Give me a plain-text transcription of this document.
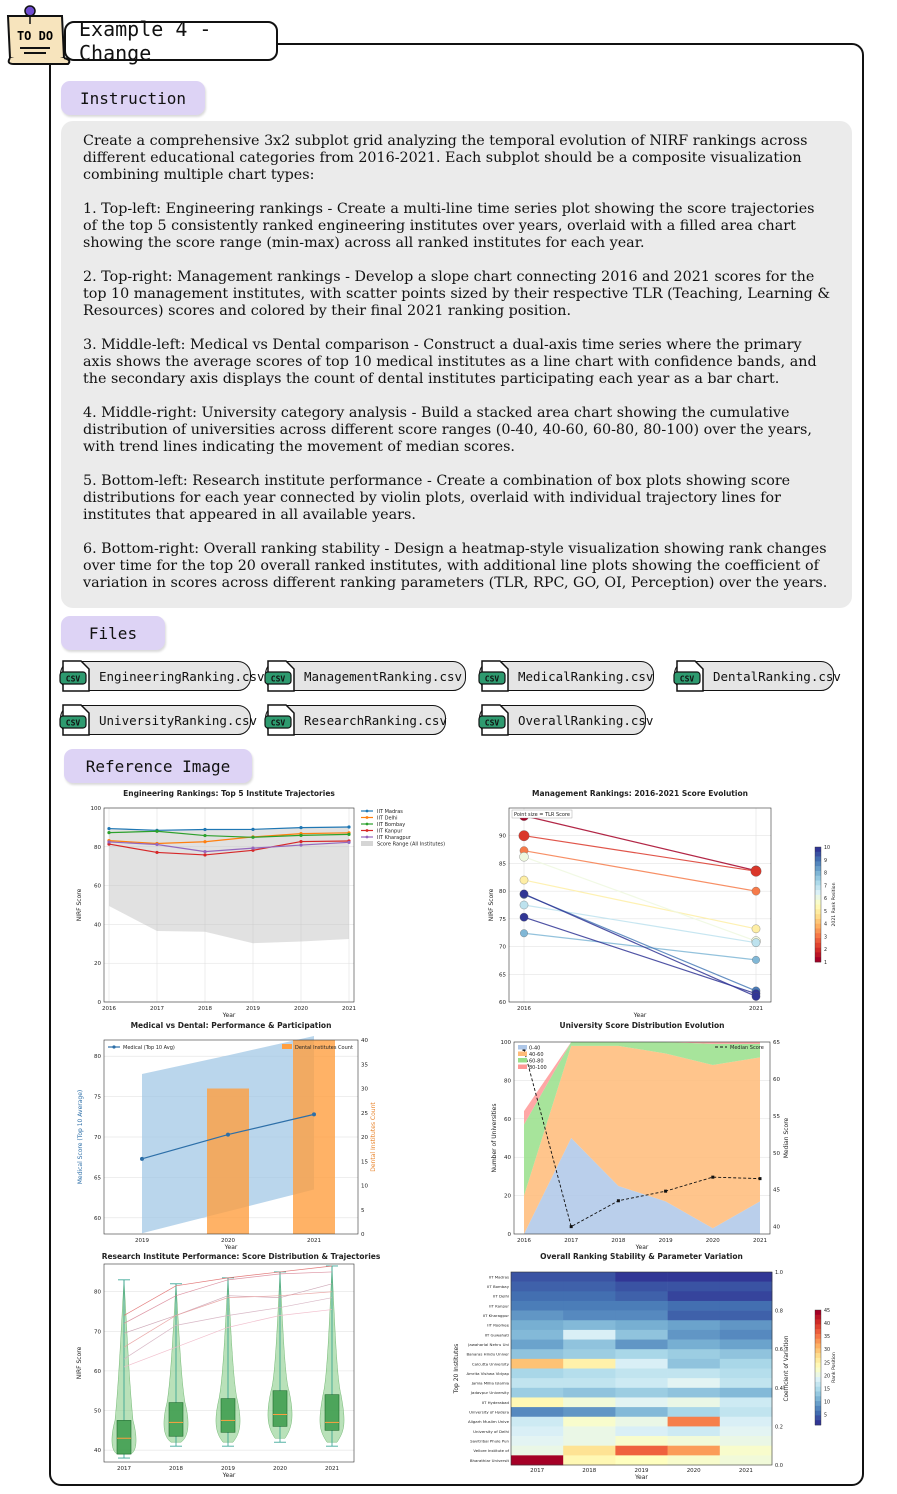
TO DO Example 4 - Change
Instruction

Create a comprehensive 3x2 subplot grid analyzing the temporal evolution of NIRF rankings across different educational categories from 2016-2021. Each subplot should be a composite visualization combining multiple chart types:

1. Top-left: Engineering rankings - Create a multi-line time series plot showing the score trajectories of the top 5 consistently ranked engineering institutes over years, overlaid with a filled area chart showing the score range (min-max) across all ranked institutes for each year.

2. Top-right: Management rankings - Develop a slope chart connecting 2016 and 2021 scores for the top 10 management institutes, with scatter points sized by their respective TLR (Teaching, Learning & Resources) scores and colored by their final 2021 ranking position.

3. Middle-left: Medical vs Dental comparison - Construct a dual-axis time series where the primary axis shows the average scores of top 10 medical institutes as a line chart with confidence bands, and the secondary axis displays the count of dental institutes participating each year as a bar chart.

4. Middle-right: University category analysis - Build a stacked area chart showing the cumulative distribution of universities across different score ranges (0-40, 40-60, 60-80, 80-100) over the years, with trend lines indicating the movement of median scores.

5. Bottom-left: Research institute performance - Create a combination of box plots showing score distributions for each year connected by violin plots, overlaid with individual trajectory lines for institutes that appeared in all available years.

6. Bottom-right: Overall ranking stability - Design a heatmap-style visualization showing rank changes over time for the top 20 overall ranked institutes, with additional line plots showing the coefficient of variation in scores across different ranking parameters (TLR, RPC, GO, OI, Perception) over the years.

Files
CSV EngineeringRanking.csv CSV ManagementRanking.csv	CSV MedicalRanking.csv	CSV DentalRanking.csv
CSV UniversityRanking.csv CSV ResearchRanking.csv	CSV OverallRanking.csv
Reference Image
Engineering Rankings: Top 5 Institute Trajectories
0
20
40
60
80
100
2016	2017	2018	2019	2020	2021
Year
NIRF Score
IIT Madras
IIT Delhi
IIT Bombay
IIT Kanpur
IIT Kharagpur
Score Range (All Institutes)
Management Rankings: 2016-2021 Score Evolution
60
65
70
75
80
85
90
2016	2021
Point size = TLR Score
Year
NIRF Score
1
2
3
4
5
6
7
8
9
10
2021 Rank Position
Medical vs Dental: Performance & Participation
60
65
70
75
80
2019	2020	2021
0
5
10
15
20
25
30
35
40
Year
Medical Score (Top 10 Average)	Dental Institutes Count
Medical (Top 10 Avg)	Dental Institutes Count
University Score Distribution Evolution
0
20
40
60
80
100
2016	2017	2018	2019	2020	2021
40
45
50
55
60
65
Year
Number of Universities	Median Score
0-40
40-60
60-80
80-100
Median Score
Research Institute Performance: Score Distribution & Trajectories
40
50
60
70
80
2017	2018	2019	2020	2021
Year
NIRF Score
Overall Ranking Stability & Parameter Variation
IIT Madras
IIT Bombay
IIT Delhi
IIT Kanpur
IIT Kharagpur
IIT Roorkee
IIT Guwahati
Jawaharlal Nehru Uni
Banaras Hindu Univer
Calcutta University
Amrita Vishwa Vidyap
Jamia Millia Islamia
Jadavpur University
IIT Hyderabad
University of Hydera
Aligarh Muslim Unive
University of Delhi
Savitribai Phule Pun
Vellore Institute of
Bharathiar Universit
2017	2018	2019	2020	2021
0.0
0.2
0.4
0.6
0.8
1.0
Year
Top 20 Institutes	Coefficient of Variation
5
10
15
20
25
30
35
40
45
Rank Position
